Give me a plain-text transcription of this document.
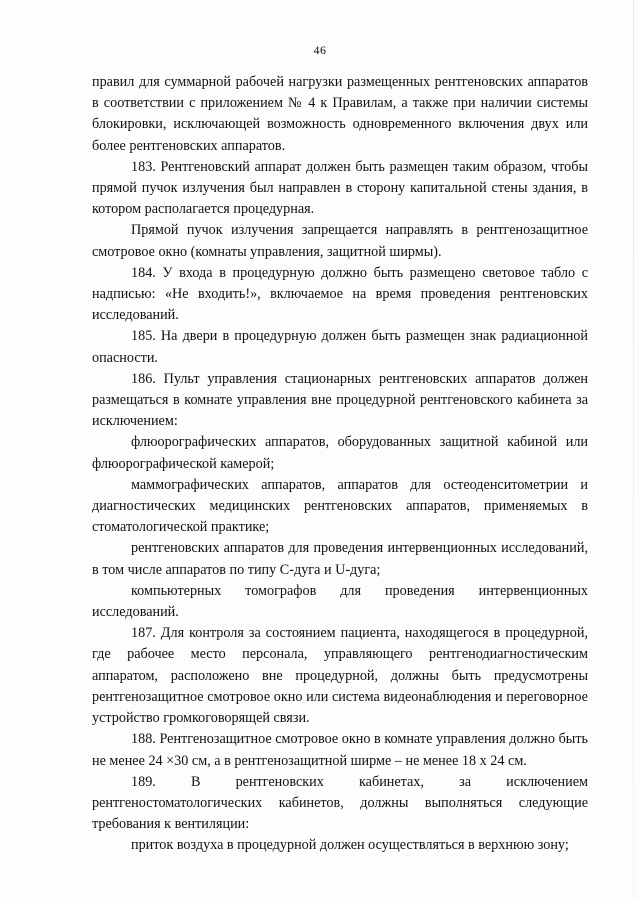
46

правил для суммарной рабочей нагрузки размещенных рентгеновских аппаратов в соответствии с приложением № 4 к Правилам, а также при наличии системы блокировки, исключающей возможность одновременного включения двух или более рентгеновских аппаратов.

183. Рентгеновский аппарат должен быть размещен таким образом, чтобы прямой пучок излучения был направлен в сторону капитальной стены здания, в котором располагается процедурная.

Прямой пучок излучения запрещается направлять в рентгенозащитное смотровое окно (комнаты управления, защитной ширмы).

184. У входа в процедурную должно быть размещено световое табло с надписью: «Не входить!», включаемое на время проведения рентгеновских исследований.

185. На двери в процедурную должен быть размещен знак радиационной опасности.

186. Пульт управления стационарных рентгеновских аппаратов должен размещаться в комнате управления вне процедурной рентгеновского кабинета за исключением:

флюорографических аппаратов, оборудованных защитной кабиной или флюорографической камерой;

маммографических аппаратов, аппаратов для остеоденситометрии и диагностических медицинских рентгеновских аппаратов, применяемых в стоматологической практике;

рентгеновских аппаратов для проведения интервенционных исследований, в том числе аппаратов по типу С-дуга и U-дуга;

компьютерных томографов для проведения интервенционных исследований.

187. Для контроля за состоянием пациента, находящегося в процедурной, где рабочее место персонала, управляющего рентгенодиагностическим аппаратом, расположено вне процедурной, должны быть предусмотрены рентгенозащитное смотровое окно или система видеонаблюдения и переговорное устройство громкоговорящей связи.

188. Рентгенозащитное смотровое окно в комнате управления должно быть не менее 24 ×30 см, а в рентгенозащитной ширме – не менее 18 х 24 см.

189. В рентгеновских кабинетах, за исключением рентгеностоматологических кабинетов, должны выполняться следующие требования к вентиляции:

приток воздуха в процедурной должен осуществляться в верхнюю зону;
